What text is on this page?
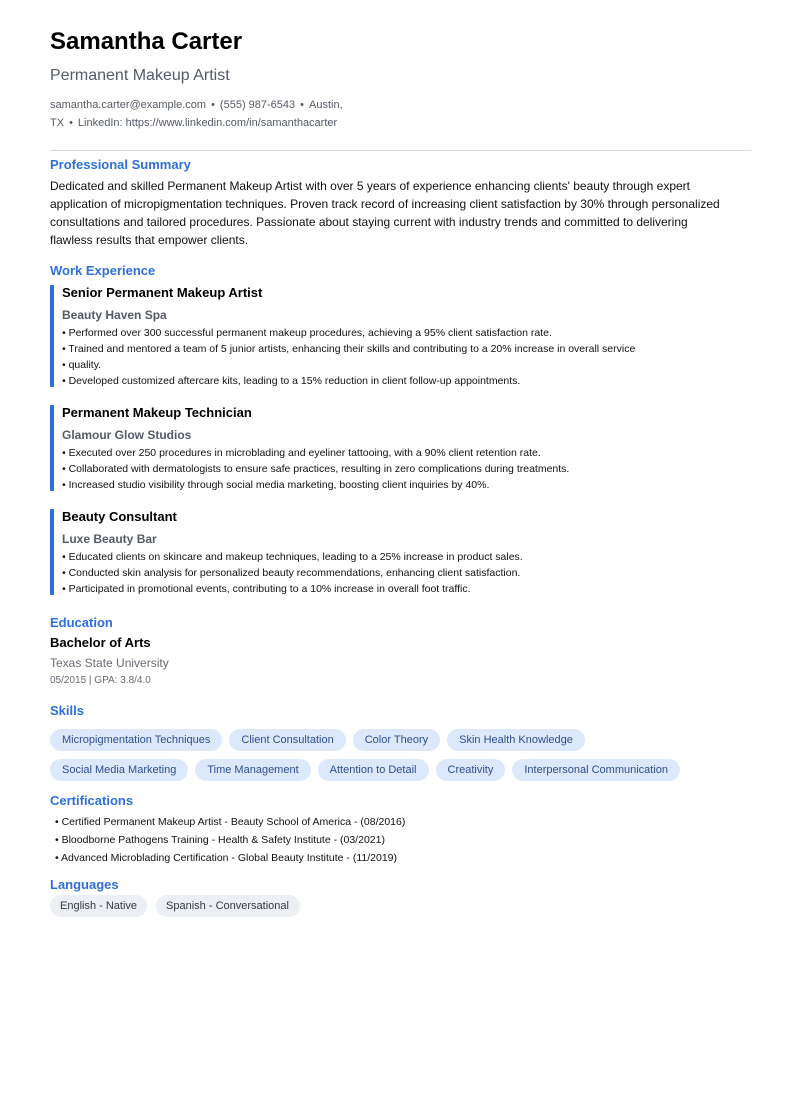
Samantha Carter
Permanent Makeup Artist
samantha.carter@example.com • (555) 987-6543 • Austin, TX • LinkedIn: https://www.linkedin.com/in/samanthacarter
Professional Summary
Dedicated and skilled Permanent Makeup Artist with over 5 years of experience enhancing clients' beauty through expert application of micropigmentation techniques. Proven track record of increasing client satisfaction by 30% through personalized consultations and tailored procedures. Passionate about staying current with industry trends and committed to delivering flawless results that empower clients.
Work Experience
Senior Permanent Makeup Artist
Beauty Haven Spa
• Performed over 300 successful permanent makeup procedures, achieving a 95% client satisfaction rate.
• Trained and mentored a team of 5 junior artists, enhancing their skills and contributing to a 20% increase in overall service
• quality.
• Developed customized aftercare kits, leading to a 15% reduction in client follow-up appointments.
Permanent Makeup Technician
Glamour Glow Studios
• Executed over 250 procedures in microblading and eyeliner tattooing, with a 90% client retention rate.
• Collaborated with dermatologists to ensure safe practices, resulting in zero complications during treatments.
• Increased studio visibility through social media marketing, boosting client inquiries by 40%.
Beauty Consultant
Luxe Beauty Bar
• Educated clients on skincare and makeup techniques, leading to a 25% increase in product sales.
• Conducted skin analysis for personalized beauty recommendations, enhancing client satisfaction.
• Participated in promotional events, contributing to a 10% increase in overall foot traffic.
Education
Bachelor of Arts
Texas State University
05/2015 | GPA: 3.8/4.0
Skills
Micropigmentation Techniques	Client Consultation	Color Theory	Skin Health Knowledge
Social Media Marketing	Time Management	Attention to Detail	Creativity	Interpersonal Communication
Certifications
• Certified Permanent Makeup Artist - Beauty School of America - (08/2016)
• Bloodborne Pathogens Training - Health & Safety Institute - (03/2021)
• Advanced Microblading Certification - Global Beauty Institute - (11/2019)
Languages
English - Native	Spanish - Conversational
